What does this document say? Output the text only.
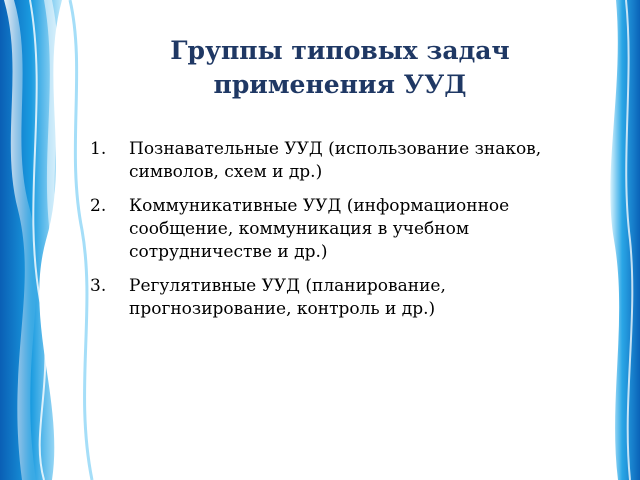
Группы типовых задач
применения УУД
1. Познавательные УУД (использование знаков, символов, схем и др.)
2. Коммуникативные УУД (информационное сообщение, коммуникация в учебном сотрудничестве и др.)
3. Регулятивные УУД (планирование, прогнозирование, контроль и др.)
